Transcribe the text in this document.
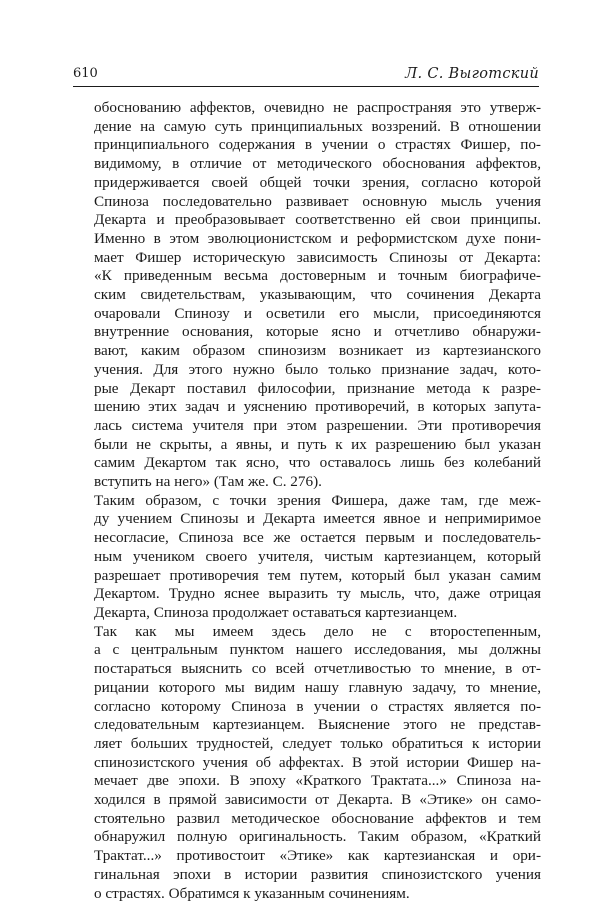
610	Л. С. Выготский

обоснованию аффектов, очевидно не распространяя это утверж-
дение на самую суть принципиальных воззрений. В отношении
принципиального содержания в учении о страстях Фишер, по-
видимому, в отличие от методического обоснования аффектов,
придерживается своей общей точки зрения, согласно которой
Спиноза последовательно развивает основную мысль учения
Декарта и преобразовывает соответственно ей свои принципы.
Именно в этом эволюционистском и реформистском духе пони-
мает Фишер историческую зависимость Спинозы от Декарта:
«К приведенным весьма достоверным и точным биографиче-
ским свидетельствам, указывающим, что сочинения Декарта
очаровали Спинозу и осветили его мысли, присоединяются
внутренние основания, которые ясно и отчетливо обнаружи-
вают, каким образом спинозизм возникает из картезианского
учения. Для этого нужно было только признание задач, кото-
рые Декарт поставил философии, признание метода к разре-
шению этих задач и уяснению противоречий, в которых запута-
лась система учителя при этом разрешении. Эти противоречия
были не скрыты, а явны, и путь к их разрешению был указан
самим Декартом так ясно, что оставалось лишь без колебаний
вступить на него» (Там же. С. 276).

Таким образом, с точки зрения Фишера, даже там, где меж-
ду учением Спинозы и Декарта имеется явное и непримиримое
несогласие, Спиноза все же остается первым и последователь-
ным учеником своего учителя, чистым картезианцем, который
разрешает противоречия тем путем, который был указан самим
Декартом. Трудно яснее выразить ту мысль, что, даже отрицая
Декарта, Спиноза продолжает оставаться картезианцем.

Так как мы имеем здесь дело не с второстепенным,
а с центральным пунктом нашего исследования, мы должны
постараться выяснить со всей отчетливостью то мнение, в от-
рицании которого мы видим нашу главную задачу, то мнение,
согласно которому Спиноза в учении о страстях является по-
следовательным картезианцем. Выяснение этого не представ-
ляет больших трудностей, следует только обратиться к истории
спинозистского учения об аффектах. В этой истории Фишер на-
мечает две эпохи. В эпоху «Краткого Трактата...» Спиноза на-
ходился в прямой зависимости от Декарта. В «Этике» он само-
стоятельно развил методическое обоснование аффектов и тем
обнаружил полную оригинальность. Таким образом, «Краткий
Трактат...» противостоит «Этике» как картезианская и ори-
гинальная эпохи в истории развития спинозистского учения
о страстях. Обратимся к указанным сочинениям.
